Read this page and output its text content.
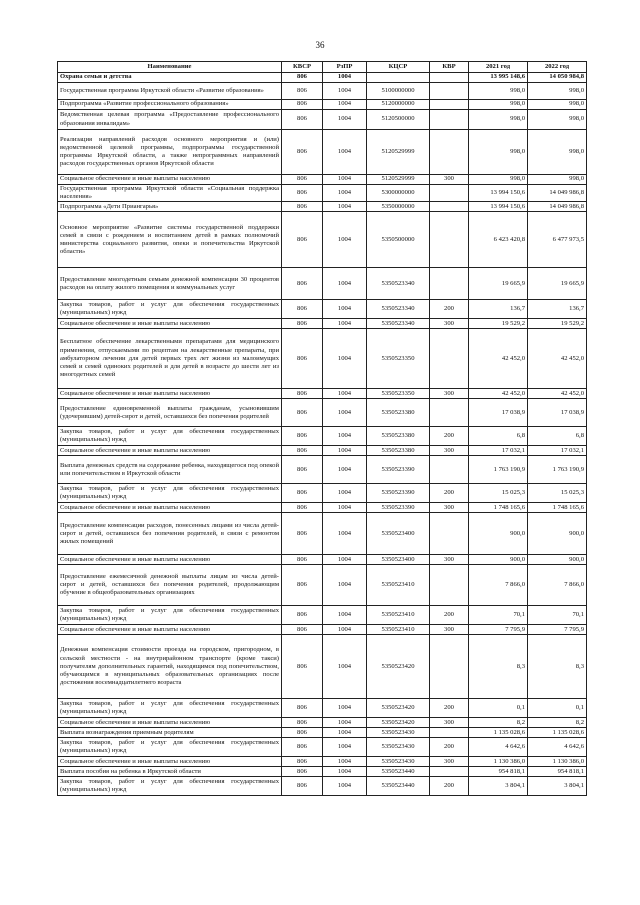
36
Наименование	КВСР	РзПР	КЦСР	КВР	2021 год	2022 год
Охрана семьи и детства	806	1004			13 995 148,6	14 050 984,8
Государственная программа Иркутской области «Развитие образования»	806	1004	5100000000		998,0	998,0
Подпрограмма «Развитие профессионального образования»	806	1004	5120000000		998,0	998,0
Ведомственная целевая программа «Предоставление профессионального образования инвалидам»	806	1004	5120500000		998,0	998,0
Реализация направлений расходов основного мероприятия и (или) ведомственной целевой программы, подпрограммы государственной программы Иркутской области, а также непрограммных направлений расходов государственных органов Иркутской области	806	1004	5120529999		998,0	998,0
Социальное обеспечение и иные выплаты населению	806	1004	5120529999	300	998,0	998,0
Государственная программа Иркутской области «Социальная поддержка населения»	806	1004	5300000000		13 994 150,6	14 049 986,8
Подпрограмма «Дети Приангарья»	806	1004	5350000000		13 994 150,6	14 049 986,8
Основное мероприятие «Развитие системы государственной поддержки семей в связи с рождением и воспитанием детей в рамках полномочий министерства социального развития, опеки и попечительства Иркутской области»	806	1004	5350500000		6 423 420,8	6 477 973,5
Предоставление многодетным семьям денежной компенсации 30 процентов расходов на оплату жилого помещения и коммунальных услуг	806	1004	5350523340		19 665,9	19 665,9
Закупка товаров, работ и услуг для обеспечения государственных (муниципальных) нужд	806	1004	5350523340	200	136,7	136,7
Социальное обеспечение и иные выплаты населению	806	1004	5350523340	300	19 529,2	19 529,2
Бесплатное обеспечение лекарственными препаратами для медицинского применения, отпускаемыми по рецептам на лекарственные препараты, при амбулаторном лечении для детей первых трех лет жизни из малоимущих семей и семей одиноких родителей и для детей в возрасте до шести лет из многодетных семей	806	1004	5350523350		42 452,0	42 452,0
Социальное обеспечение и иные выплаты населению	806	1004	5350523350	300	42 452,0	42 452,0
Предоставление единовременной выплаты гражданам, усыновившим (удочерившим) детей-сирот и детей, оставшихся без попечения родителей	806	1004	5350523380		17 038,9	17 038,9
Закупка товаров, работ и услуг для обеспечения государственных (муниципальных) нужд	806	1004	5350523380	200	6,8	6,8
Социальное обеспечение и иные выплаты населению	806	1004	5350523380	300	17 032,1	17 032,1
Выплата денежных средств на содержание ребенка, находящегося под опекой или попечительством в Иркутской области	806	1004	5350523390		1 763 190,9	1 763 190,9
Закупка товаров, работ и услуг для обеспечения государственных (муниципальных) нужд	806	1004	5350523390	200	15 025,3	15 025,3
Социальное обеспечение и иные выплаты населению	806	1004	5350523390	300	1 748 165,6	1 748 165,6
Предоставление компенсации расходов, понесенных лицами из числа детей-сирот и детей, оставшихся без попечения родителей, в связи с ремонтом жилых помещений	806	1004	5350523400		900,0	900,0
Социальное обеспечение и иные выплаты населению	806	1004	5350523400	300	900,0	900,0
Предоставление ежемесячной денежной выплаты лицам из числа детей-сирот и детей, оставшихся без попечения родителей, продолжающим обучение в общеобразовательных организациях	806	1004	5350523410		7 866,0	7 866,0
Закупка товаров, работ и услуг для обеспечения государственных (муниципальных) нужд	806	1004	5350523410	200	70,1	70,1
Социальное обеспечение и иные выплаты населению	806	1004	5350523410	300	7 795,9	7 795,9
Денежная компенсация стоимости проезда на городском, пригородном, в сельской местности - на внутрирайонном транспорте (кроме такси) получателям дополнительных гарантий, находящимся под попечительством, обучающимся в муниципальных образовательных организациях после достижения восемнадцатилетнего возраста	806	1004	5350523420		8,3	8,3
Закупка товаров, работ и услуг для обеспечения государственных (муниципальных) нужд	806	1004	5350523420	200	0,1	0,1
Социальное обеспечение и иные выплаты населению	806	1004	5350523420	300	8,2	8,2
Выплата вознаграждения приемным родителям	806	1004	5350523430		1 135 028,6	1 135 028,6
Закупка товаров, работ и услуг для обеспечения государственных (муниципальных) нужд	806	1004	5350523430	200	4 642,6	4 642,6
Социальное обеспечение и иные выплаты населению	806	1004	5350523430	300	1 130 386,0	1 130 386,0
Выплата пособия на ребенка в Иркутской области	806	1004	5350523440		954 818,1	954 818,1
Закупка товаров, работ и услуг для обеспечения государственных (муниципальных) нужд	806	1004	5350523440	200	3 804,1	3 804,1
